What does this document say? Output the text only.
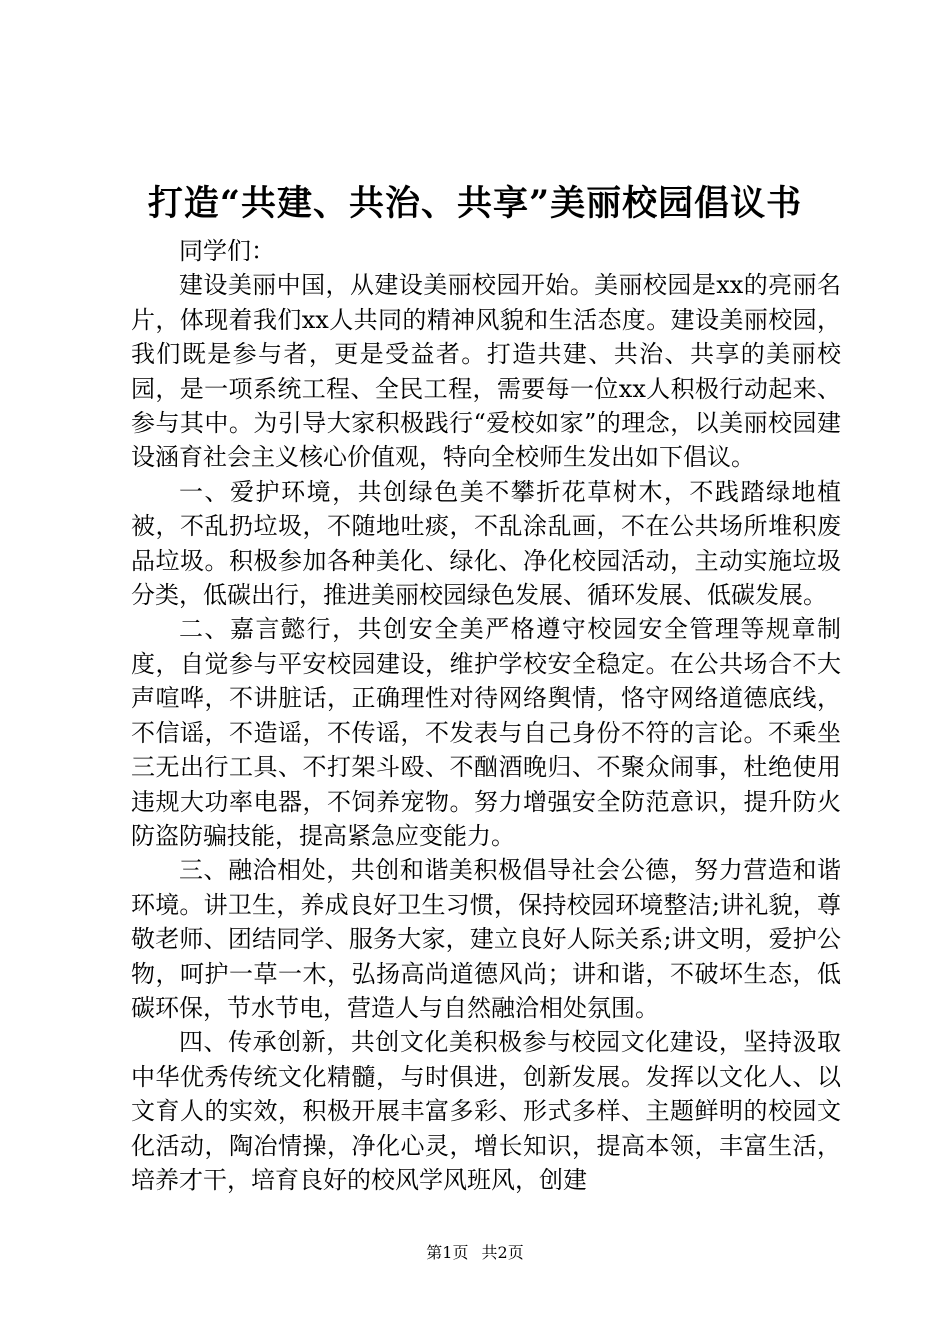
打造“共建、共治、共享”美丽校园倡议书

同学们：

建设美丽中国，从建设美丽校园开始。美丽校园是xx的亮丽名片，体现着我们xx人共同的精神风貌和生活态度。建设美丽校园，我们既是参与者，更是受益者。打造共建、共治、共享的美丽校园，是一项系统工程、全民工程，需要每一位xx人积极行动起来、参与其中。为引导大家积极践行“爱校如家”的理念，以美丽校园建设涵育社会主义核心价值观，特向全校师生发出如下倡议。

一、爱护环境，共创绿色美不攀折花草树木，不践踏绿地植被，不乱扔垃圾，不随地吐痰，不乱涂乱画，不在公共场所堆积废品垃圾。积极参加各种美化、绿化、净化校园活动，主动实施垃圾分类，低碳出行，推进美丽校园绿色发展、循环发展、低碳发展。

二、嘉言懿行，共创安全美严格遵守校园安全管理等规章制度，自觉参与平安校园建设，维护学校安全稳定。在公共场合不大声喧哗，不讲脏话，正确理性对待网络舆情，恪守网络道德底线，不信谣，不造谣，不传谣，不发表与自己身份不符的言论。不乘坐三无出行工具、不打架斗殴、不酗酒晚归、不聚众闹事，杜绝使用违规大功率电器，不饲养宠物。努力增强安全防范意识，提升防火防盗防骗技能，提高紧急应变能力。

三、融洽相处，共创和谐美积极倡导社会公德，努力营造和谐环境。讲卫生，养成良好卫生习惯，保持校园环境整洁;讲礼貌，尊敬老师、团结同学、服务大家，建立良好人际关系;讲文明，爱护公物，呵护一草一木，弘扬高尚道德风尚；讲和谐，不破坏生态，低碳环保，节水节电，营造人与自然融洽相处氛围。

四、传承创新，共创文化美积极参与校园文化建设，坚持汲取中华优秀传统文化精髓，与时俱进，创新发展。发挥以文化人、以文育人的实效，积极开展丰富多彩、形式多样、主题鲜明的校园文化活动，陶冶情操，净化心灵，增长知识，提高本领，丰富生活，培养才干，培育良好的校风学风班风，创建

第1页 共2页
